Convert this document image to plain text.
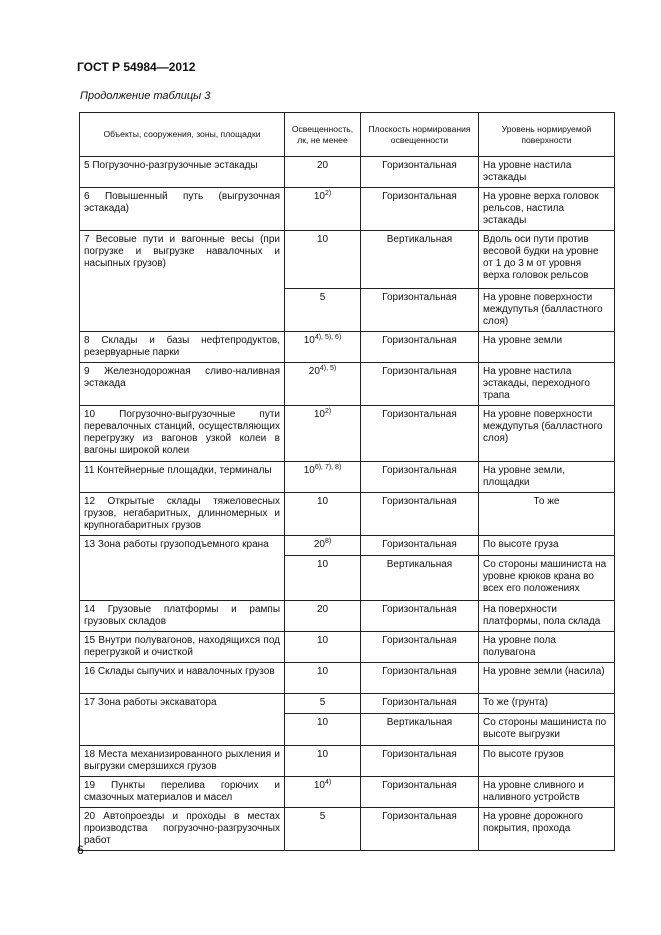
ГОСТ Р 54984—2012
Продолжение таблицы 3
Объекты, сооружения, зоны, площадки	Освещенность, лк, не менее	Плоскость нормирования освещенности	Уровень нормируемой поверхности
5 Погрузочно-разгрузочные эстакады	20	Горизонтальная	На уровне настила эстакады
6 Повышенный путь (выгрузочная эстакада)	10$^{2)}$	Горизонтальная	На уровне верха головок рельсов, настила эстакады
7 Весовые пути и вагонные весы (при погрузке и выгрузке навалочных и насыпных грузов)	10	Вертикальная	Вдоль оси пути против весовой будки на уровне от 1 до 3 м от уровня верха головок рельсов
	5	Горизонтальная	На уровне поверхности междупутья (балластного слоя)
8 Склады и базы нефтепродуктов, резервуарные парки	$10^{4), 5), 6)}$	Горизонтальная	На уровне земли
9 Железнодорожная сливо-наливная эстакада	$20^{4), 5)}$	Горизонтальная	На уровне настила эстакады, переходного трапа
10 Погрузочно-выгрузочные пути перевалочных станций, осуществляющих перегрузку из вагонов узкой колеи в вагоны широкой колеи	10$^{2)}$	Горизонтальная	На уровне поверхности междупутья (балластного слоя)
11 Контейнерные площадки, терминалы	$10^{6), 7), 8)}$	Горизонтальная	На уровне земли, площадки
12 Открытые склады тяжеловесных грузов, негабаритных, длинномерных и крупногабаритных грузов	10	Горизонтальная	То же
13 Зона работы грузоподъемного крана	20$^{8)}$	Горизонтальная	По высоте груза
	10	Вертикальная	Со стороны машиниста на уровне крюков крана во всех его положениях
14 Грузовые платформы и рампы грузовых складов	20	Горизонтальная	На поверхности платформы, пола склада
15 Внутри полувагонов, находящихся под перегрузкой и очисткой	10	Горизонтальная	На уровне пола полувагона
16 Склады сыпучих и навалочных грузов	10	Горизонтальная	На уровне земли (насила)
17 Зона работы экскаватора	5	Горизонтальная	То же (грунта)
	10	Вертикальная	Со стороны машиниста по высоте выгрузки
18 Места механизированного рыхления и выгрузки смерзшихся грузов	10	Горизонтальная	По высоте грузов
19 Пункты перелива горючих и смазочных материалов и масел	10$^{4)}$	Горизонтальная	На уровне сливного и наливного устройств
20 Автопроезды и проходы в местах производства погрузочно-разгрузочных работ	5	Горизонтальная	На уровне дорожного покрытия, прохода
6
